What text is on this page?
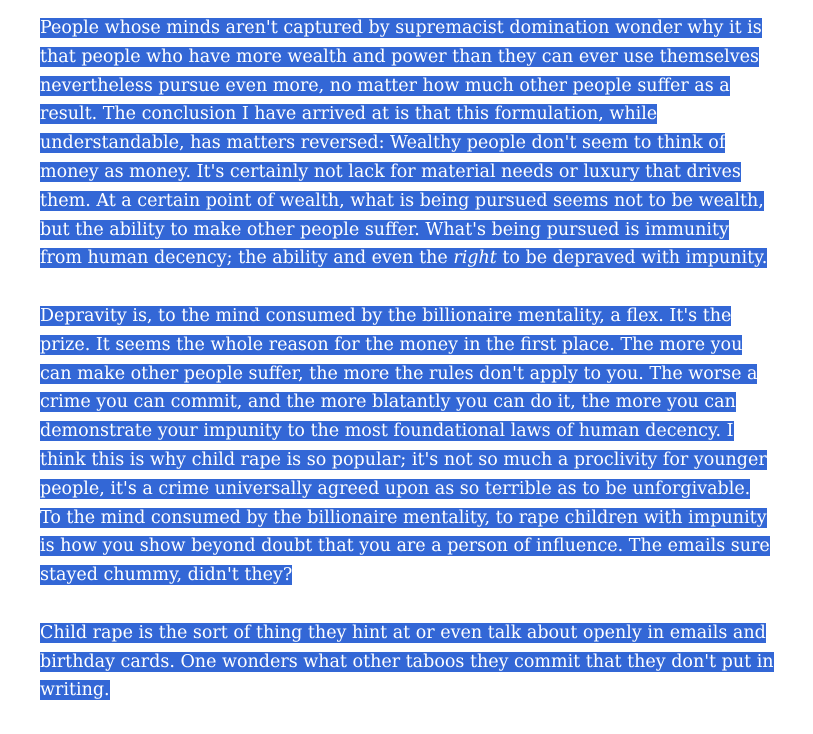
People whose minds aren't captured by supremacist domination wonder why it is that people who have more wealth and power than they can ever use themselves nevertheless pursue even more, no matter how much other people suffer as a result. The conclusion I have arrived at is that this formulation, while understandable, has matters reversed: Wealthy people don't seem to think of money as money. It's certainly not lack for material needs or luxury that drives them. At a certain point of wealth, what is being pursued seems not to be wealth, but the ability to make other people suffer. What's being pursued is immunity from human decency; the ability and even the right to be depraved with impunity.

Depravity is, to the mind consumed by the billionaire mentality, a flex. It's the prize. It seems the whole reason for the money in the first place. The more you can make other people suffer, the more the rules don't apply to you. The worse a crime you can commit, and the more blatantly you can do it, the more you can demonstrate your impunity to the most foundational laws of human decency. I think this is why child rape is so popular; it's not so much a proclivity for younger people, it's a crime universally agreed upon as so terrible as to be unforgivable. To the mind consumed by the billionaire mentality, to rape children with impunity is how you show beyond doubt that you are a person of influence. The emails sure stayed chummy, didn't they?

Child rape is the sort of thing they hint at or even talk about openly in emails and birthday cards. One wonders what other taboos they commit that they don't put in writing.
